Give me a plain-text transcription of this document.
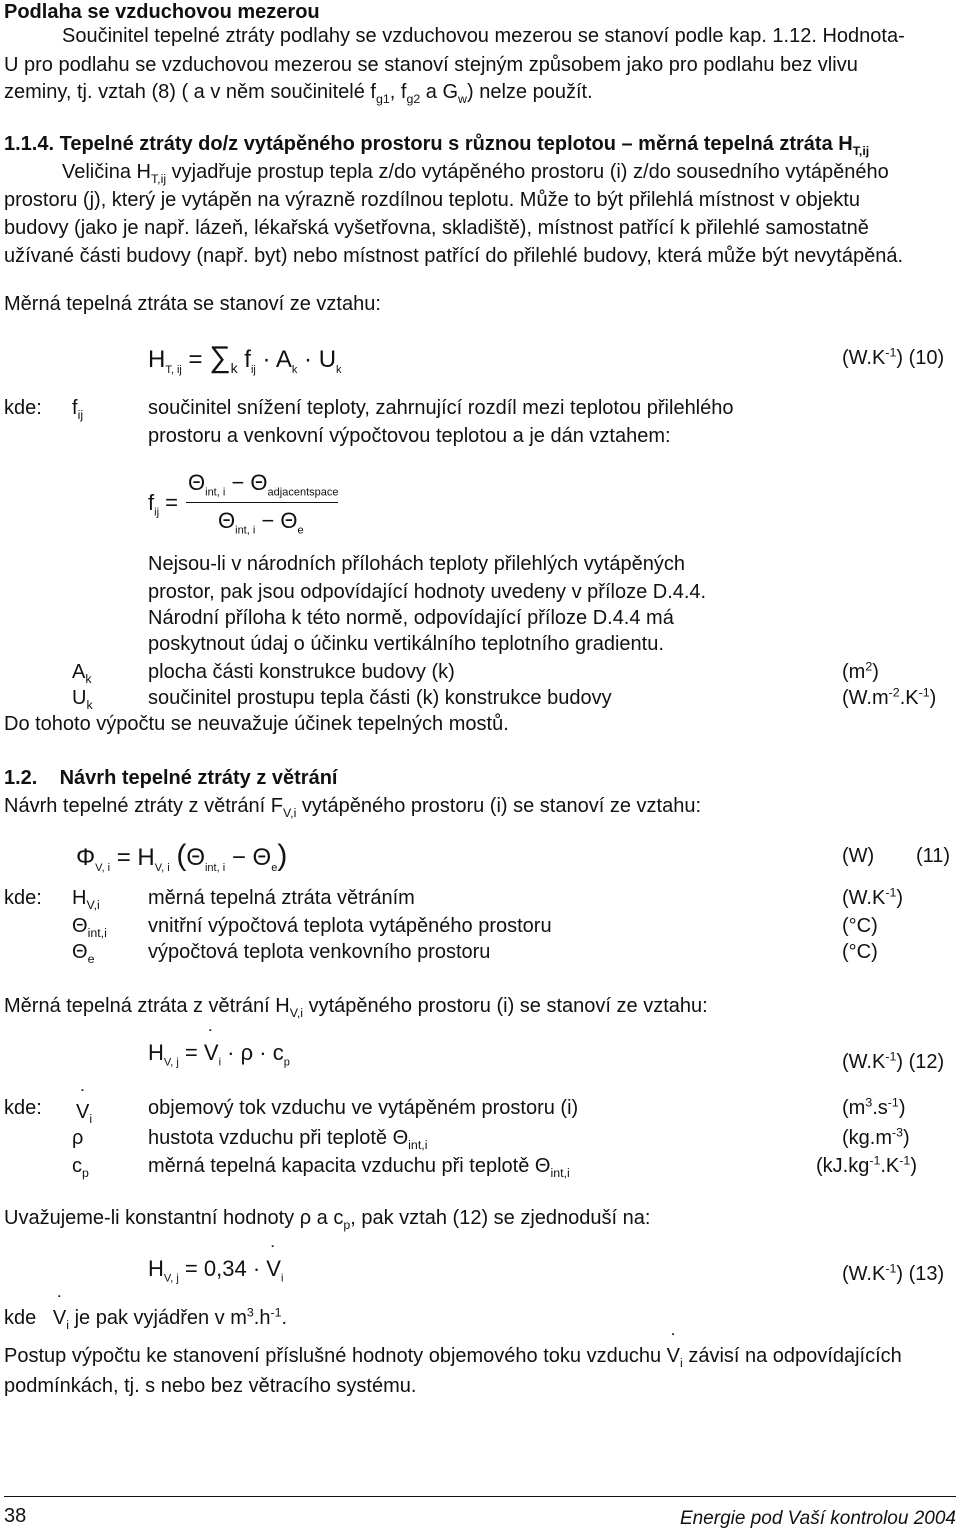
Podlaha se vzduchovou mezerou
Součinitel tepelné ztráty podlahy se vzduchovou mezerou se stanoví podle kap. 1.12. Hodnota-
U pro podlahu se vzduchovou mezerou se stanoví stejným způsobem jako pro podlahu bez vlivu
zeminy, tj. vztah (8) ( a v něm součinitelé $f_{g1}$, $f_{g2}$ a $G_w$) nelze použít.
1.1.4. Tepelné ztráty do/z vytápěného prostoru s různou teplotou – měrná tepelná ztráta $H_{T,ij}$
Veličina $H_{T,ij}$ vyjadřuje prostup tepla z/do vytápěného prostoru (i) z/do sousedního vytápěného
prostoru (j), který je vytápěn na výrazně rozdílnou teplotu. Může to být přilehlá místnost v objektu
budovy (jako je např. lázeň, lékařská vyšetřovna, skladiště), místnost patřící k přilehlé samostatně
užívané části budovy (např. byt) nebo místnost patřící do přilehlé budovy, která může být nevytápěná.
Měrná tepelná ztráta se stanoví ze vztahu:
$H_{T, ij} = \sum_k$ $f_{ij} \cdot A_k \cdot U_k$
$(W.K^{-1})$ (10)
kde: $f_{ij}$	součinitel snížení teploty, zahrnující rozdíl mezi teplotou přilehlého
prostoru a venkovní výpočtovou teplotou a je dán vztahem:
$f_{ij}$ =
$\Theta_{int, i} - \Theta_{adjacentspace}$
$\Theta_{int, i} - \Theta_e$
Nejsou-li v národních přílohách teploty přilehlých vytápěných
prostor, pak jsou odpovídající hodnoty uvedeny v příloze D.4.4.
Národní příloha k této normě, odpovídající příloze D.4.4 má
poskytnout údaj o účinku vertikálního teplotního gradientu.
$A_k$	plocha části konstrukce budovy (k)	$(m^2)$
$U_k$	součinitel prostupu tepla části (k) konstrukce budovy	$(W.m^{-2}.K^{-1})$
Do tohoto výpočtu se neuvažuje účinek tepelných mostů.
1.2. Návrh tepelné ztráty z větrání
Návrh tepelné ztráty z větrání $F_{V,i}$ vytápěného prostoru (i) se stanoví ze vztahu:
$\Phi_{V, i} = H_{V, i}$ $(\Theta_{int, i} - \Theta_e)$	(W) (11)
kde: $H_{V,i}$ měrná tepelná ztráta větráním	$(W.K^{-1})$
$\Theta_{int,i}$ vnitřní výpočtová teplota vytápěného prostoru	(°C)
$\Theta_e$	výpočtová teplota venkovního prostoru	(°C)
Měrná tepelná ztráta z větrání $H_{V,i}$ vytápěného prostoru (i) se stanoví ze vztahu:
$H_{V, j}$ = ˙ $V_i \cdot \rho \cdot c_p$	$(W.K^{-1})$ (12)
kde: ˙ $V_i$	objemový tok vzduchu ve vytápěném prostoru (i)	$(m^3.s^{-1})$
ρ	hustota vzduchu při teplotě $\Theta_{int,i}$	$(kg.m^{-3})$
$c_p$	měrná tepelná kapacita vzduchu při teplotě $\Theta_{int,i}$	$(kJ.kg^{-1}.K^{-1})$
Uvažujeme-li konstantní hodnoty ρ a $c_p$, pak vztah (12) se zjednoduší na:
$H_{V, j} = 0,34$ · ˙ $V_i$	$(W.K^{-1})$ (13)
kde ˙ $V_i$ je pak vyjádřen v $m^3.h^{-1}$.
Postup výpočtu ke stanovení příslušné hodnoty objemového toku vzduchu ˙ $V_i$ závisí na odpovídajících
podmínkách, tj. s nebo bez větracího systému.
38	Energie pod Vaší kontrolou 2004
